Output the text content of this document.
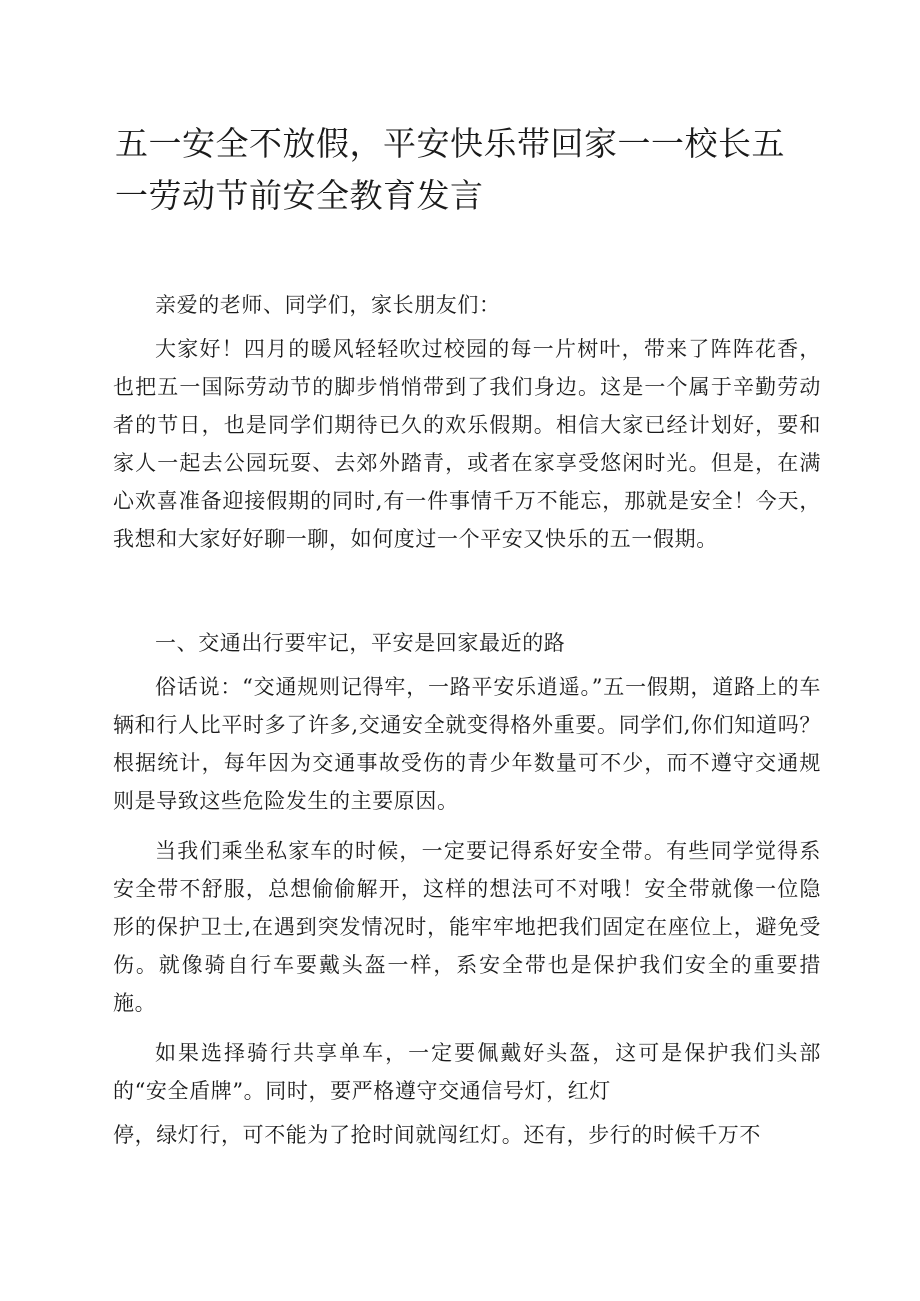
五一安全不放假，平安快乐带回家一一校长五一劳动节前安全教育发言

亲爱的老师、同学们，家长朋友们：

大家好！四月的暖风轻轻吹过校园的每一片树叶，带来了阵阵花香，也把五一国际劳动节的脚步悄悄带到了我们身边。这是一个属于辛勤劳动者的节日，也是同学们期待已久的欢乐假期。相信大家已经计划好，要和家人一起去公园玩耍、去郊外踏青，或者在家享受悠闲时光。但是，在满心欢喜准备迎接假期的同时,有一件事情千万不能忘，那就是安全！今天，我想和大家好好聊一聊，如何度过一个平安又快乐的五一假期。

一、交通出行要牢记，平安是回家最近的路

俗话说：“交通规则记得牢，一路平安乐逍遥。”五一假期，道路上的车辆和行人比平时多了许多,交通安全就变得格外重要。同学们,你们知道吗？根据统计，每年因为交通事故受伤的青少年数量可不少，而不遵守交通规则是导致这些危险发生的主要原因。

当我们乘坐私家车的时候，一定要记得系好安全带。有些同学觉得系安全带不舒服，总想偷偷解开，这样的想法可不对哦！安全带就像一位隐形的保护卫士,在遇到突发情况时，能牢牢地把我们固定在座位上，避免受伤。就像骑自行车要戴头盔一样，系安全带也是保护我们安全的重要措施。

如果选择骑行共享单车，一定要佩戴好头盔，这可是保护我们头部的“安全盾牌”。同时，要严格遵守交通信号灯，红灯

停，绿灯行，可不能为了抢时间就闯红灯。还有，步行的时候千万不
